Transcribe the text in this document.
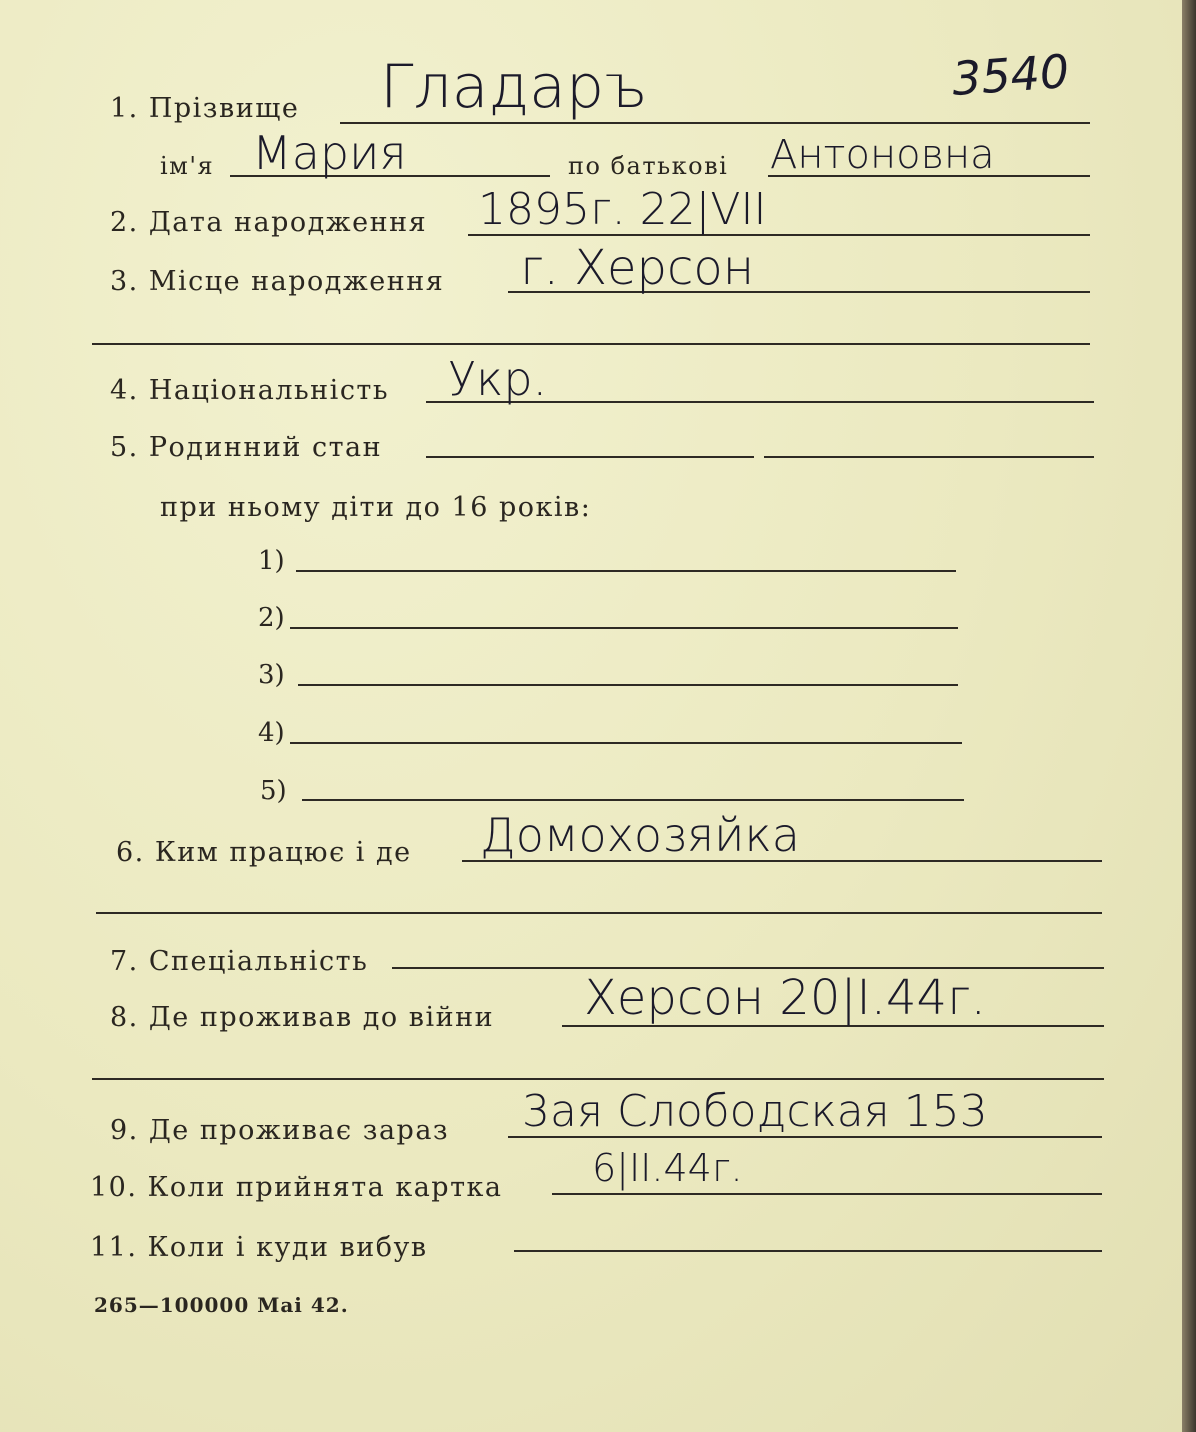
3540
1. Прізвище Гладаръ
ім'я Мария	по батькові Антоновна
2. Дата народження 1895г. 22|VII
3. Місце народження г. Херсон
4. Національність Укр.
5. Родинний стан
при ньому діти до 16 років:
1)
2)
3)
4)
5)
6. Ким працює і де Домохозяйка
7. Спеціальність
8. Де проживав до війни Херсон 20|I.44г.
9. Де проживає зараз 3ая Слободская 153
10. Коли прийнята картка 6|II.44г.
11. Коли і куди вибув
265—100000 Mai 42.
